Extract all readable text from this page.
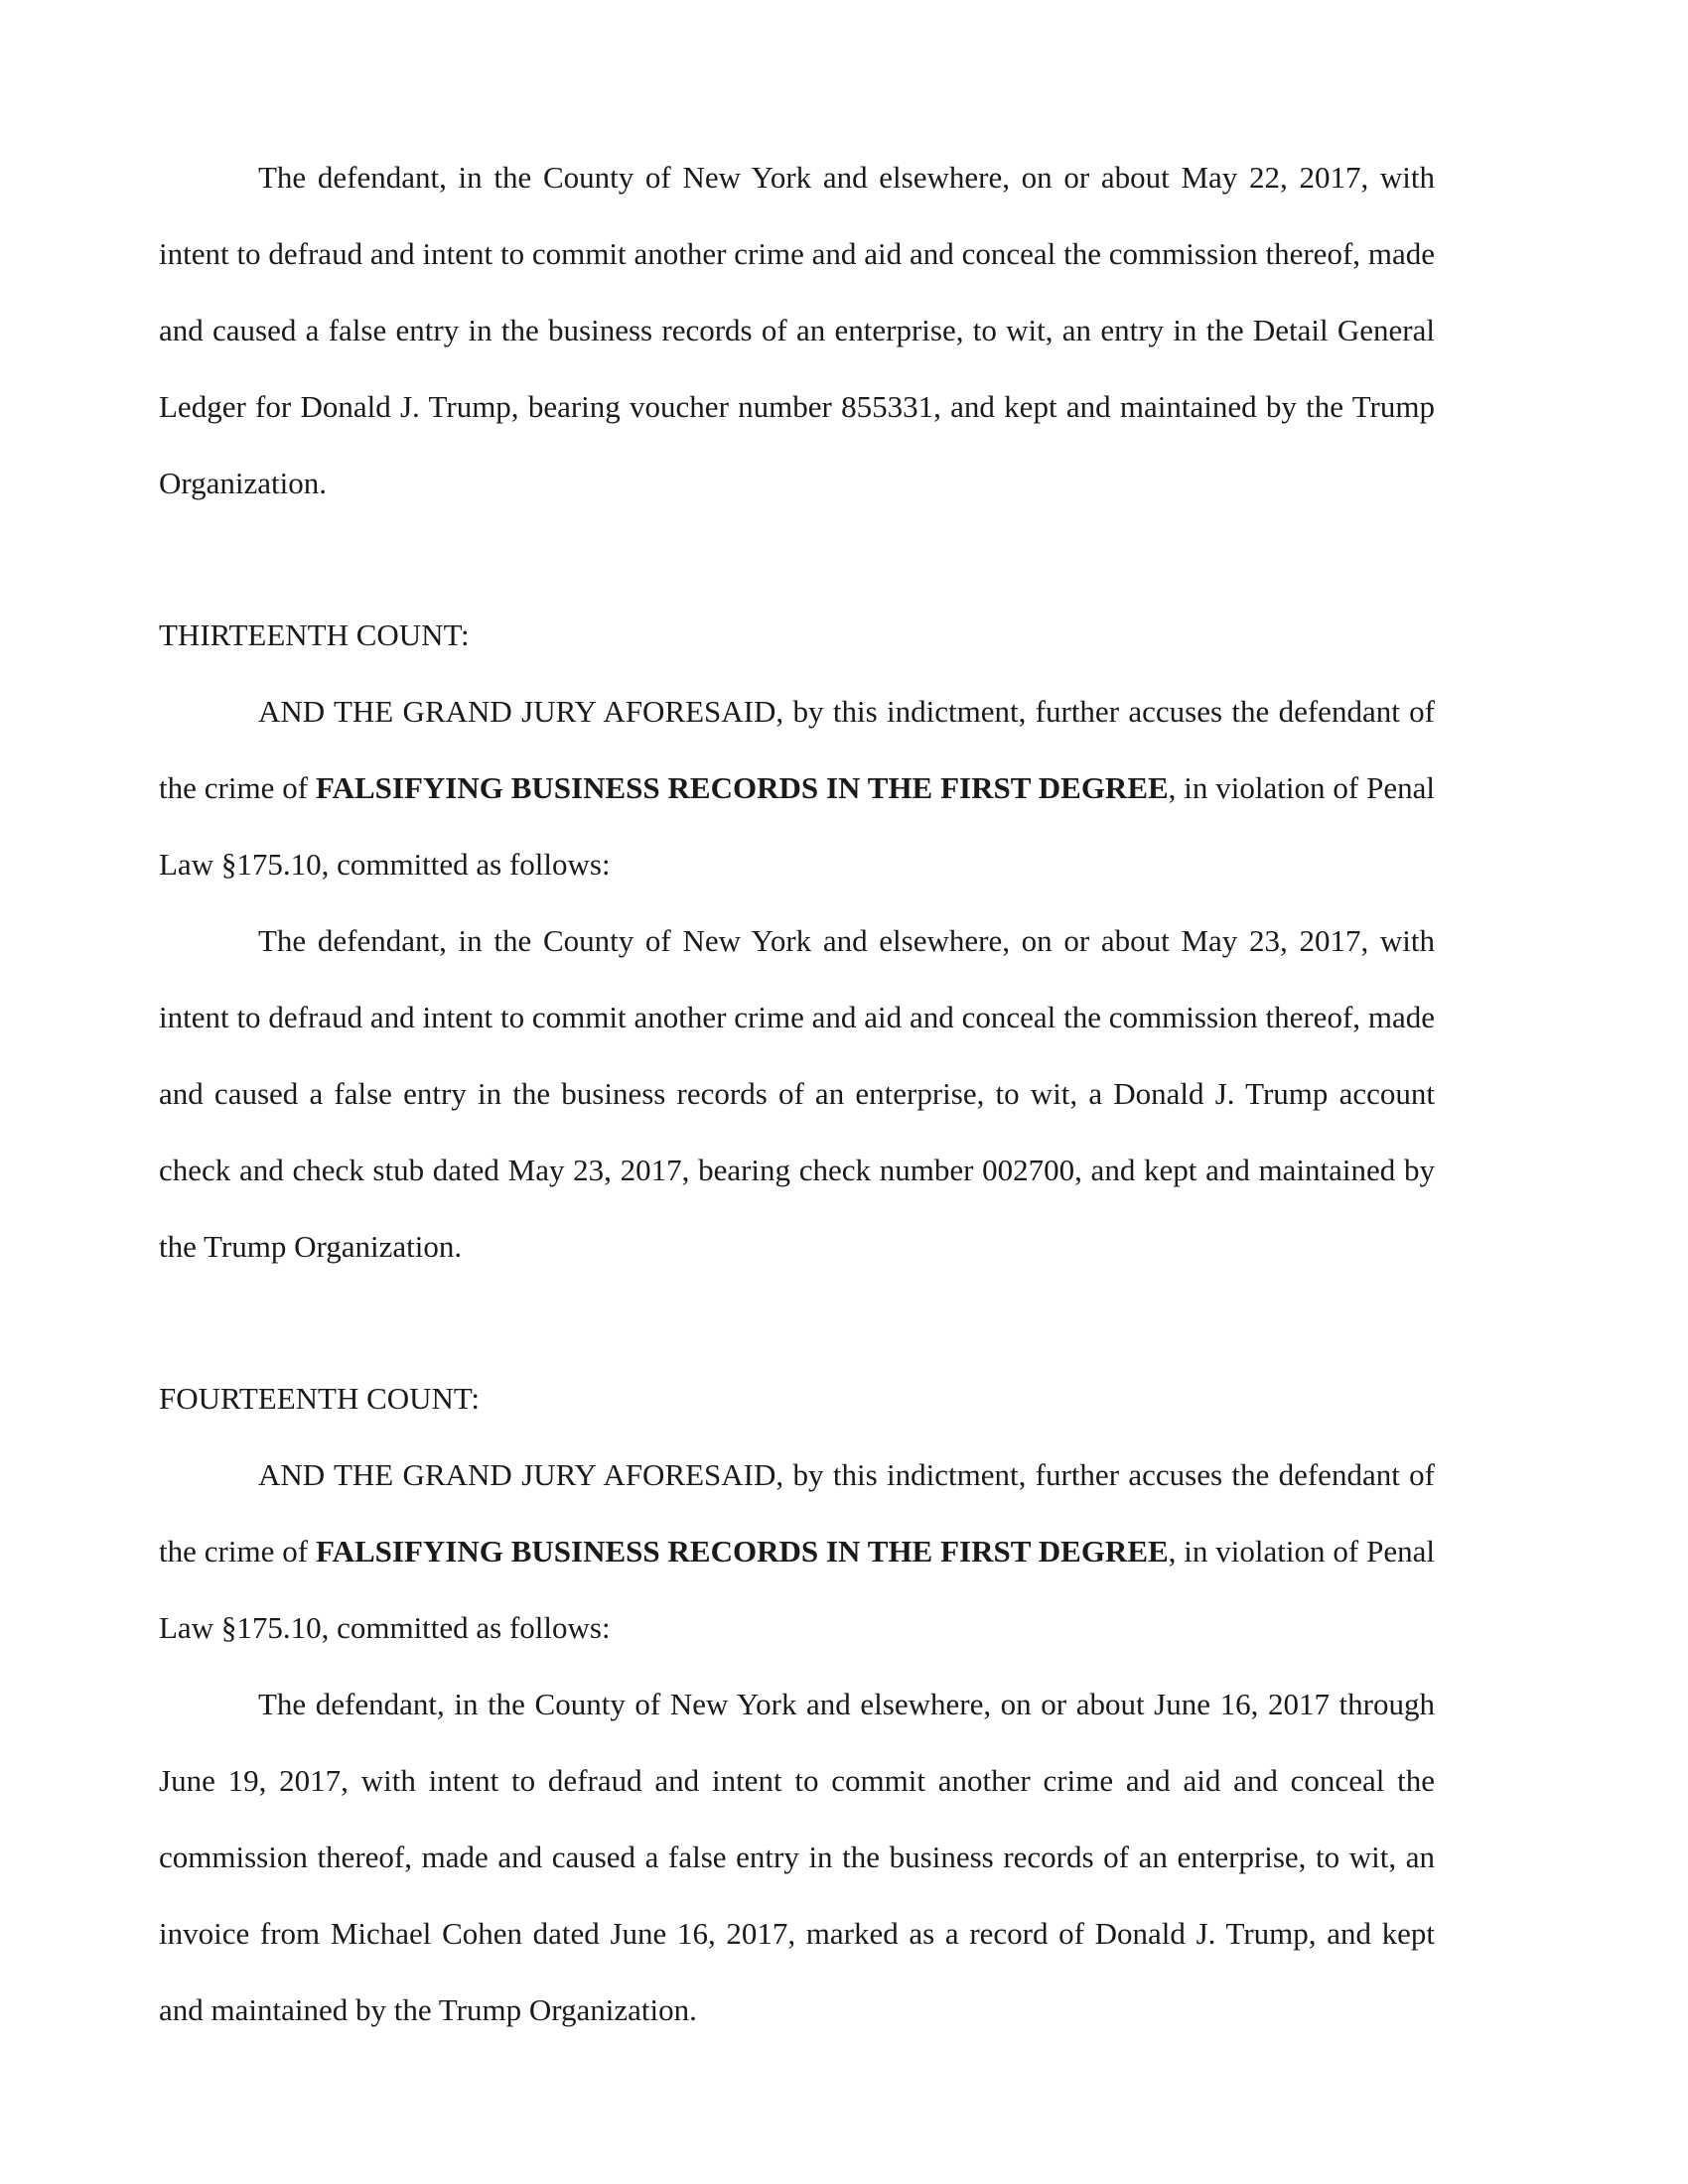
The defendant, in the County of New York and elsewhere, on or about May 22, 2017, with intent to defraud and intent to commit another crime and aid and conceal the commission thereof, made and caused a false entry in the business records of an enterprise, to wit, an entry in the Detail General Ledger for Donald J. Trump, bearing voucher number 855331, and kept and maintained by the Trump Organization.

THIRTEENTH COUNT:

AND THE GRAND JURY AFORESAID, by this indictment, further accuses the defendant of the crime of FALSIFYING BUSINESS RECORDS IN THE FIRST DEGREE, in violation of Penal Law §175.10, committed as follows:

The defendant, in the County of New York and elsewhere, on or about May 23, 2017, with intent to defraud and intent to commit another crime and aid and conceal the commission thereof, made and caused a false entry in the business records of an enterprise, to wit, a Donald J. Trump account check and check stub dated May 23, 2017, bearing check number 002700, and kept and maintained by the Trump Organization.

FOURTEENTH COUNT:

AND THE GRAND JURY AFORESAID, by this indictment, further accuses the defendant of the crime of FALSIFYING BUSINESS RECORDS IN THE FIRST DEGREE, in violation of Penal Law §175.10, committed as follows:

The defendant, in the County of New York and elsewhere, on or about June 16, 2017 through June 19, 2017, with intent to defraud and intent to commit another crime and aid and conceal the commission thereof, made and caused a false entry in the business records of an enterprise, to wit, an invoice from Michael Cohen dated June 16, 2017, marked as a record of Donald J. Trump, and kept and maintained by the Trump Organization.
